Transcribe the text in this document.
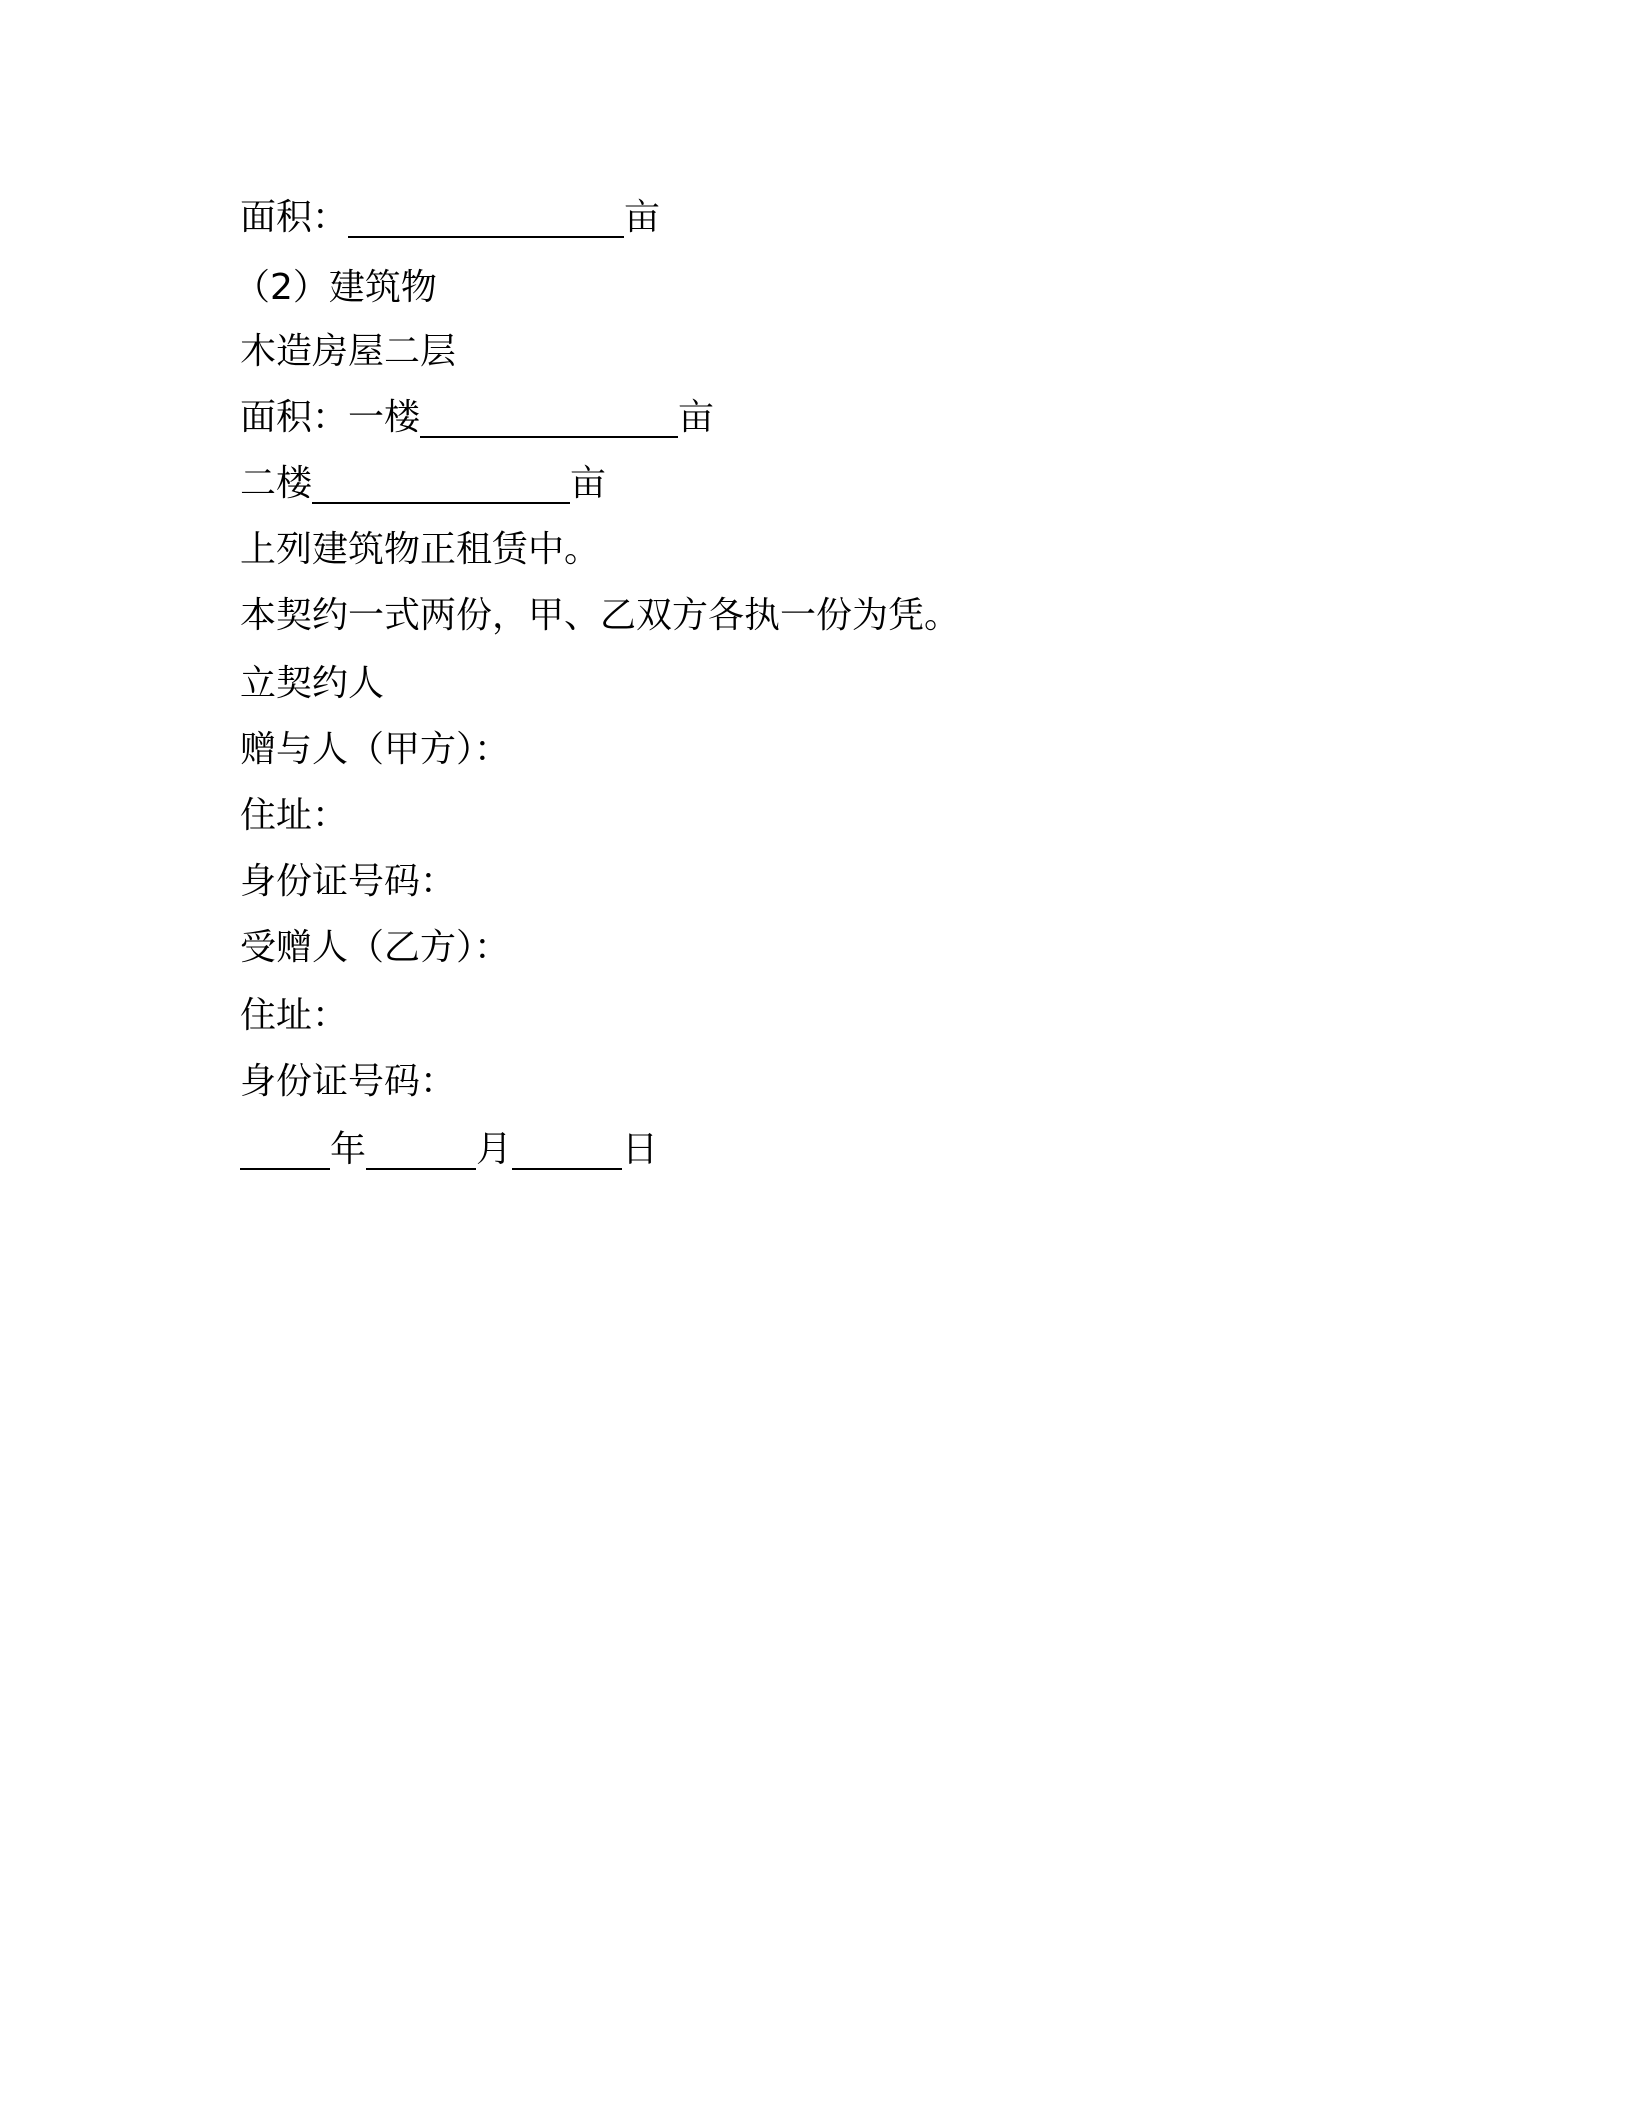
面积：	亩
（2）建筑物
木造房屋二层
面积：一楼	亩
二楼	亩
上列建筑物正租赁中。
本契约一式两份，甲、乙双方各执一份为凭。
立契约人
赠与人（甲方）：
住址：
身份证号码：
受赠人（乙方）：
住址：
身份证号码：
年	月	日
